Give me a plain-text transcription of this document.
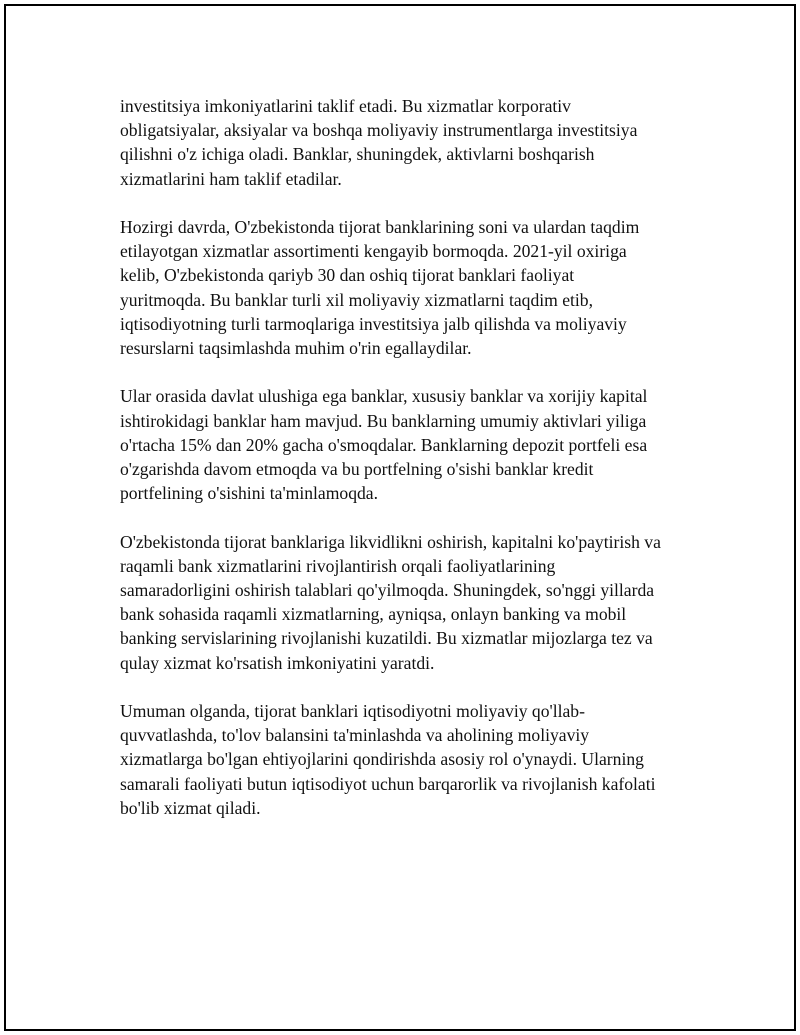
investitsiya imkoniyatlarini taklif etadi. Bu xizmatlar korporativ
obligatsiyalar, aksiyalar va boshqa moliyaviy instrumentlarga investitsiya
qilishni o'z ichiga oladi. Banklar, shuningdek, aktivlarni boshqarish
xizmatlarini ham taklif etadilar.

Hozirgi davrda, O'zbekistonda tijorat banklarining soni va ulardan taqdim
etilayotgan xizmatlar assortimenti kengayib bormoqda. 2021-yil oxiriga
kelib, O'zbekistonda qariyb 30 dan oshiq tijorat banklari faoliyat
yuritmoqda. Bu banklar turli xil moliyaviy xizmatlarni taqdim etib,
iqtisodiyotning turli tarmoqlariga investitsiya jalb qilishda va moliyaviy
resurslarni taqsimlashda muhim o'rin egallaydilar.

Ular orasida davlat ulushiga ega banklar, xususiy banklar va xorijiy kapital
ishtirokidagi banklar ham mavjud. Bu banklarning umumiy aktivlari yiliga
o'rtacha 15% dan 20% gacha o'smoqdalar. Banklarning depozit portfeli esa
o'zgarishda davom etmoqda va bu portfelning o'sishi banklar kredit
portfelining o'sishini ta'minlamoqda.

O'zbekistonda tijorat banklariga likvidlikni oshirish, kapitalni ko'paytirish va
raqamli bank xizmatlarini rivojlantirish orqali faoliyatlarining
samaradorligini oshirish talablari qo'yilmoqda. Shuningdek, so'nggi yillarda
bank sohasida raqamli xizmatlarning, ayniqsa, onlayn banking va mobil
banking servislarining rivojlanishi kuzatildi. Bu xizmatlar mijozlarga tez va
qulay xizmat ko'rsatish imkoniyatini yaratdi.

Umuman olganda, tijorat banklari iqtisodiyotni moliyaviy qo'llab-
quvvatlashda, to'lov balansini ta'minlashda va aholining moliyaviy
xizmatlarga bo'lgan ehtiyojlarini qondirishda asosiy rol o'ynaydi. Ularning
samarali faoliyati butun iqtisodiyot uchun barqarorlik va rivojlanish kafolati
bo'lib xizmat qiladi.
